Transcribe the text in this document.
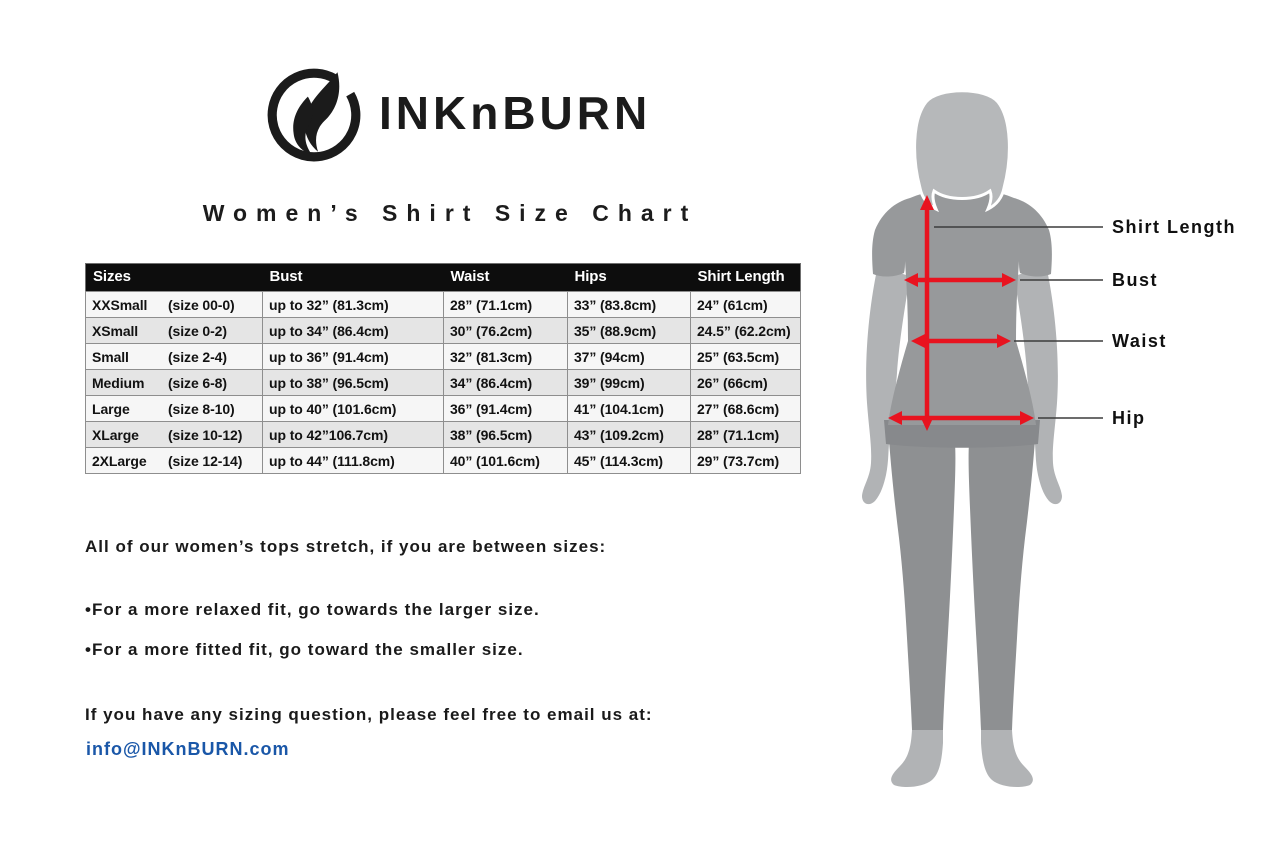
INKnBURN
Women’s Shirt Size Chart
Sizes	Bust	Waist	Hips	Shirt Length
XXSmall (size 00-0)	up to 32” (81.3cm)	28” (71.1cm)	33” (83.8cm)	24” (61cm)
XSmall (size 0-2)	up to 34” (86.4cm)	30” (76.2cm)	35” (88.9cm)	24.5” (62.2cm)
Small (size 2-4)	up to 36” (91.4cm)	32” (81.3cm)	37” (94cm)	25” (63.5cm)
Medium (size 6-8)	up to 38” (96.5cm)	34” (86.4cm)	39” (99cm)	26” (66cm)
Large (size 8-10)	up to 40” (101.6cm)	36” (91.4cm)	41” (104.1cm)	27” (68.6cm)
XLarge (size 10-12)	up to 42”106.7cm)	38” (96.5cm)	43” (109.2cm)	28” (71.1cm)
2XLarge (size 12-14)	up to 44” (111.8cm)	40” (101.6cm)	45” (114.3cm)	29” (73.7cm)

All of our women’s tops stretch, if you are between sizes:

•For a more relaxed fit, go towards the larger size.

•For a more fitted fit, go toward the smaller size.

If you have any sizing question, please feel free to email us at:

info@INKnBURN.com
Shirt Length
Bust
Waist
Hip
